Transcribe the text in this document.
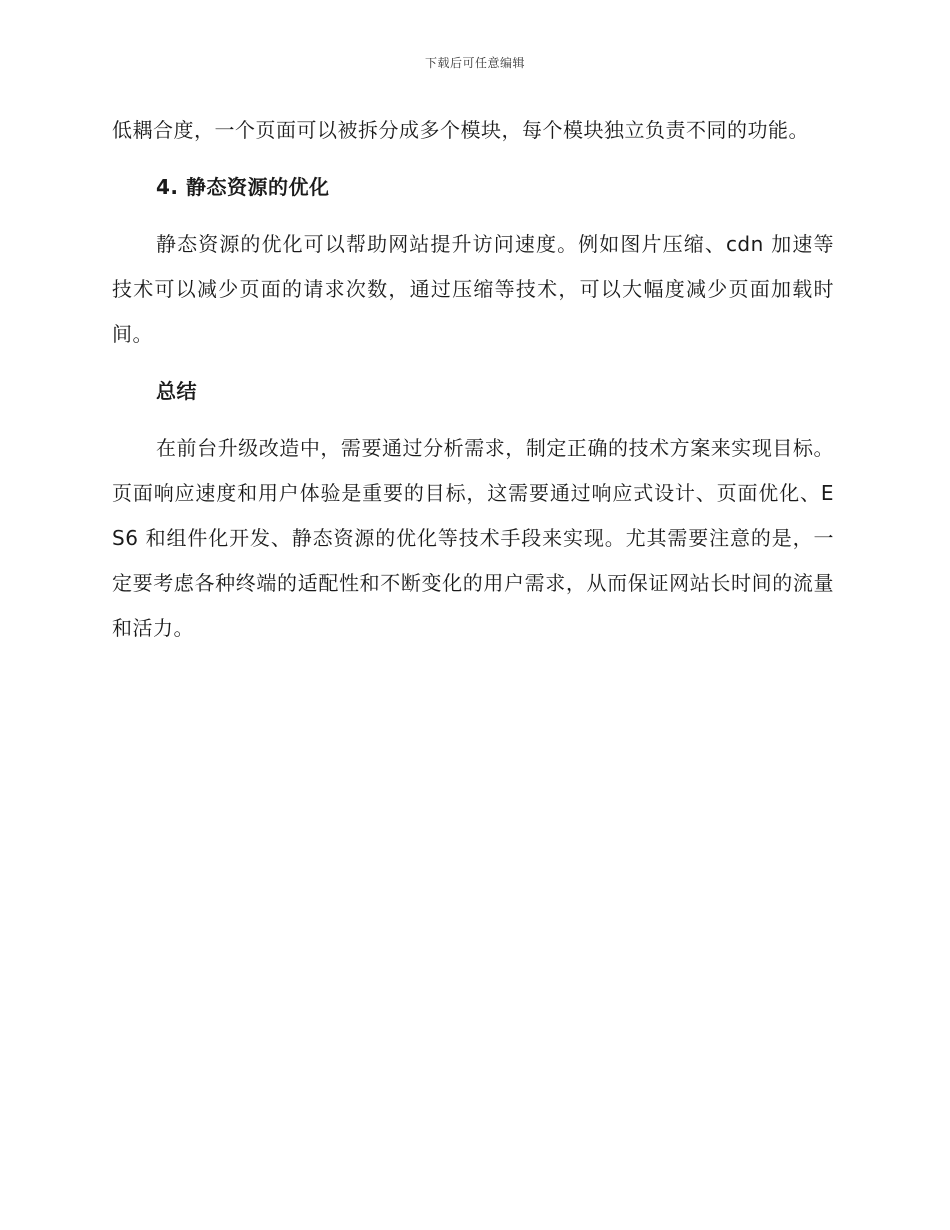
下载后可任意编辑

低耦合度，一个页面可以被拆分成多个模块，每个模块独立负责不同的功能。

4. 静态资源的优化

静态资源的优化可以帮助网站提升访问速度。例如图片压缩、cdn 加速等技术可以减少页面的请求次数，通过压缩等技术，可以大幅度减少页面加载时间。

总结

在前台升级改造中，需要通过分析需求，制定正确的技术方案来实现目标。页面响应速度和用户体验是重要的目标，这需要通过响应式设计、页面优化、ES6 和组件化开发、静态资源的优化等技术手段来实现。尤其需要注意的是，一定要考虑各种终端的适配性和不断变化的用户需求，从而保证网站长时间的流量和活力。
